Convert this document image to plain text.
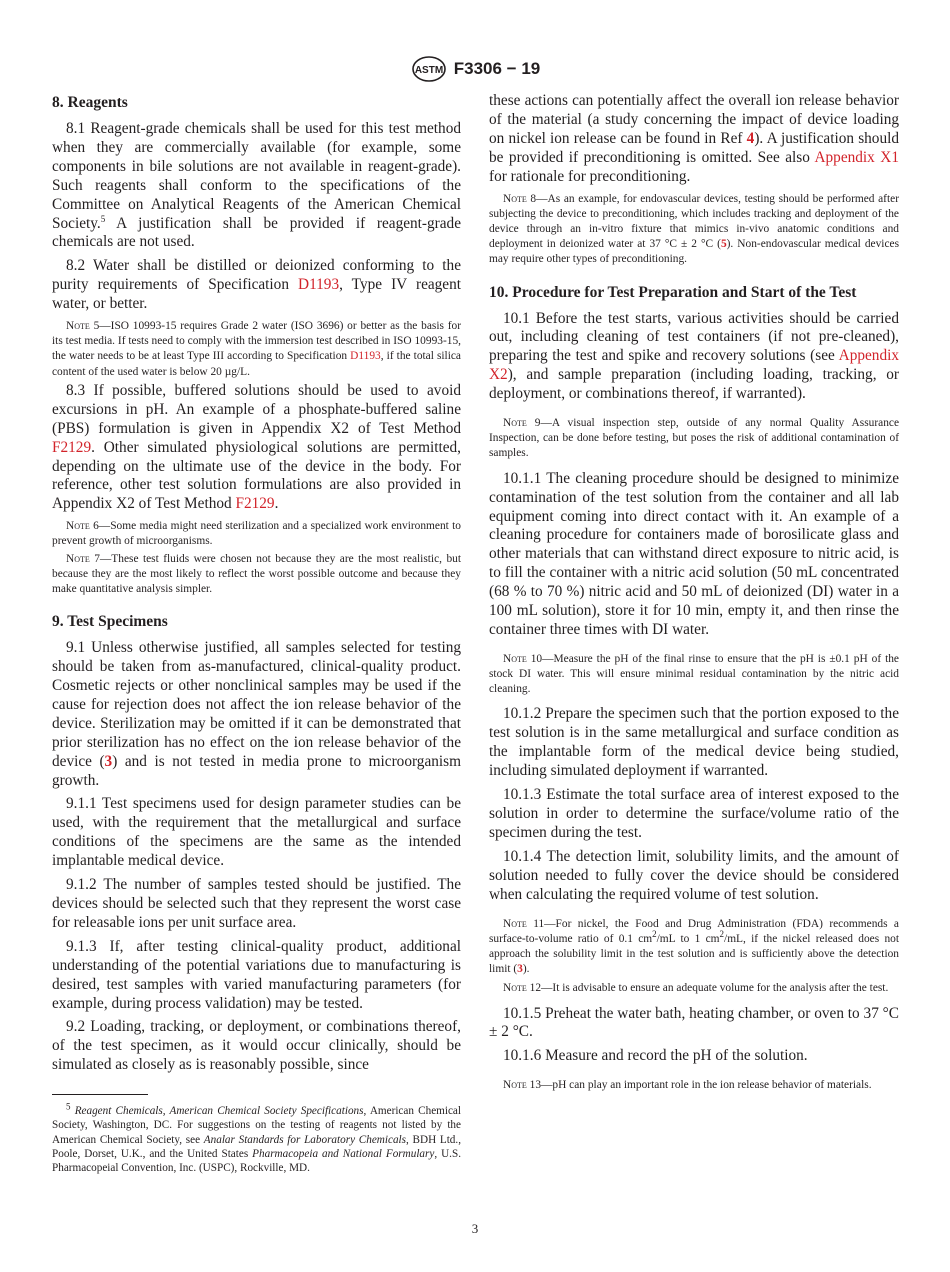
ASTM F3306 − 19
8. Reagents

8.1 Reagent-grade chemicals shall be used for this test method when they are commercially available (for example, some components in bile solutions are not available in reagent-grade). Such reagents shall conform to the specifications of the Committee on Analytical Reagents of the American Chemical Society.$^5$ A justification shall be provided if reagent-grade chemicals are not used.

8.2 Water shall be distilled or deionized conforming to the purity requirements of Specification D1193, Type IV reagent water, or better.

Note 5—ISO 10993-15 requires Grade 2 water (ISO 3696) or better as the basis for its test media. If tests need to comply with the immersion test described in ISO 10993-15, the water needs to be at least Type III according to Specification D1193, if the total silica content of the used water is below 20 µg/L.

8.3 If possible, buffered solutions should be used to avoid excursions in pH. An example of a phosphate-buffered saline (PBS) formulation is given in Appendix X2 of Test Method F2129. Other simulated physiological solutions are permitted, depending on the ultimate use of the device in the body. For reference, other test solution formulations are also provided in Appendix X2 of Test Method F2129.

Note 6—Some media might need sterilization and a specialized work environment to prevent growth of microorganisms.

Note 7—These test fluids were chosen not because they are the most realistic, but because they are the most likely to reflect the worst possible outcome and because they make quantitative analysis simpler.

9. Test Specimens

9.1 Unless otherwise justified, all samples selected for testing should be taken from as-manufactured, clinical-quality product. Cosmetic rejects or other nonclinical samples may be used if the cause for rejection does not affect the ion release behavior of the device. Sterilization may be omitted if it can be demonstrated that prior sterilization has no effect on the ion release behavior of the device (3) and is not tested in media prone to microorganism growth.

9.1.1 Test specimens used for design parameter studies can be used, with the requirement that the metallurgical and surface conditions of the specimens are the same as the intended implantable medical device.

9.1.2 The number of samples tested should be justified. The devices should be selected such that they represent the worst case for releasable ions per unit surface area.

9.1.3 If, after testing clinical-quality product, additional understanding of the potential variations due to manufacturing is desired, test samples with varied manufacturing parameters (for example, during process validation) may be tested.

9.2 Loading, tracking, or deployment, or combinations thereof, of the test specimen, as it would occur clinically, should be simulated as closely as is reasonably possible, since

$^5$ Reagent Chemicals, American Chemical Society Specifications, American Chemical Society, Washington, DC. For suggestions on the testing of reagents not listed by the American Chemical Society, see Analar Standards for Laboratory Chemicals, BDH Ltd., Poole, Dorset, U.K., and the United States Pharmacopeia and National Formulary, U.S. Pharmacopeial Convention, Inc. (USPC), Rockville, MD.

these actions can potentially affect the overall ion release behavior of the material (a study concerning the impact of device loading on nickel ion release can be found in Ref 4). A justification should be provided if preconditioning is omitted. See also Appendix X1 for rationale for preconditioning.

Note 8—As an example, for endovascular devices, testing should be performed after subjecting the device to preconditioning, which includes tracking and deployment of the device through an in-vitro fixture that mimics in-vivo anatomic conditions and deployment in deionized water at 37 °C ± 2 °C (5). Non-endovascular medical devices may require other types of preconditioning.

10. Procedure for Test Preparation and Start of the Test

10.1 Before the test starts, various activities should be carried out, including cleaning of test containers (if not pre-cleaned), preparing the test and spike and recovery solutions (see Appendix X2), and sample preparation (including loading, tracking, or deployment, or combinations thereof, if warranted).

Note 9—A visual inspection step, outside of any normal Quality Assurance Inspection, can be done before testing, but poses the risk of additional contamination of samples.

10.1.1 The cleaning procedure should be designed to minimize contamination of the test solution from the container and all lab equipment coming into direct contact with it. An example of a cleaning procedure for containers made of borosilicate glass and other materials that can withstand direct exposure to nitric acid, is to fill the container with a nitric acid solution (50 mL concentrated (68 % to 70 %) nitric acid and 50 mL of deionized (DI) water in a 100 mL solution), store it for 10 min, empty it, and then rinse the container three times with DI water.

Note 10—Measure the pH of the final rinse to ensure that the pH is ±0.1 pH of the stock DI water. This will ensure minimal residual contamination by the nitric acid cleaning.

10.1.2 Prepare the specimen such that the portion exposed to the test solution is in the same metallurgical and surface condition as the implantable form of the medical device being studied, including simulated deployment if warranted.

10.1.3 Estimate the total surface area of interest exposed to the solution in order to determine the surface/volume ratio of the specimen during the test.

10.1.4 The detection limit, solubility limits, and the amount of solution needed to fully cover the device should be considered when calculating the required volume of test solution.

Note 11—For nickel, the Food and Drug Administration (FDA) recommends a surface-to-volume ratio of 0.1 $cm^2/mL$ to 1 $cm^2/mL$, if the nickel released does not approach the solubility limit in the test solution and is sufficiently above the detection limit (3).

Note 12—It is advisable to ensure an adequate volume for the analysis after the test.

10.1.5 Preheat the water bath, heating chamber, or oven to 37 °C ± 2 °C.

10.1.6 Measure and record the pH of the solution.

Note 13—pH can play an important role in the ion release behavior of materials.

3
